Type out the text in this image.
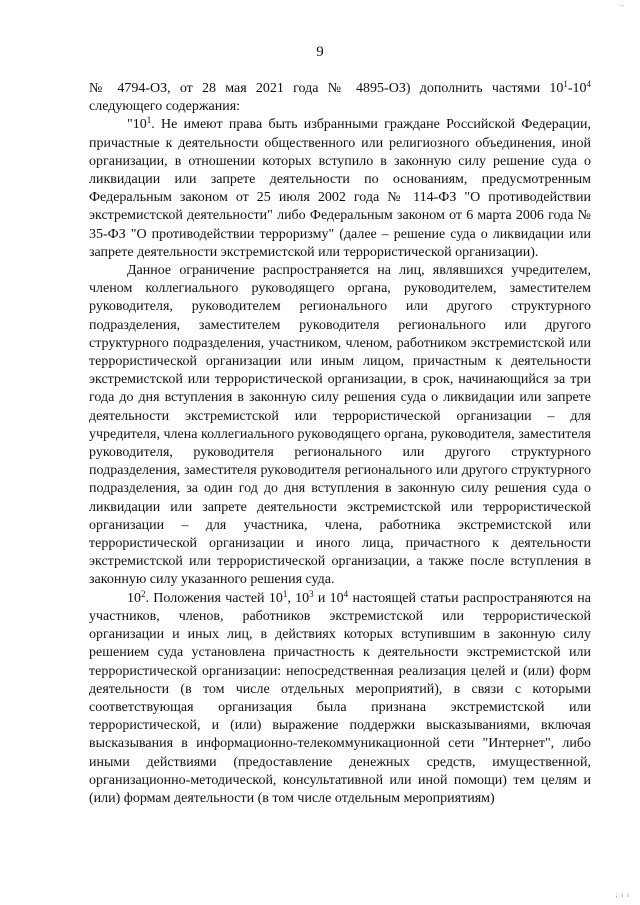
..
9

№ 4794-ОЗ, от 28 мая 2021 года № 4895-ОЗ) дополнить частями $10^1-10^4$ следующего содержания:

"$10^1$. Не имеют права быть избранными граждане Российской Федерации, причастные к деятельности общественного или религиозного объединения, иной организации, в отношении которых вступило в законную силу решение суда о ликвидации или запрете деятельности по основаниям, предусмотренным Федеральным законом от 25 июля 2002 года № 114-ФЗ "О противодействии экстремистской деятельности" либо Федеральным законом от 6 марта 2006 года № 35-ФЗ "О противодействии терроризму" (далее – решение суда о ликвидации или запрете деятельности экстремистской или террористической организации).

Данное ограничение распространяется на лиц, являвшихся учредителем, членом коллегиального руководящего органа, руководителем, заместителем руководителя, руководителем регионального или другого структурного подразделения, заместителем руководителя регионального или другого структурного подразделения, участником, членом, работником экстремистской или террористической организации или иным лицом, причастным к деятельности экстремистской или террористической организации, в срок, начинающийся за три года до дня вступления в законную силу решения суда о ликвидации или запрете деятельности экстремистской или террористической организации – для учредителя, члена коллегиального руководящего органа, руководителя, заместителя руководителя, руководителя регионального или другого структурного подразделения, заместителя руководителя регионального или другого структурного подразделения, за один год до дня вступления в законную силу решения суда о ликвидации или запрете деятельности экстремистской или террористической организации – для участника, члена, работника экстремистской или террористической организации и иного лица, причастного к деятельности экстремистской или террористической организации, а также после вступления в законную силу указанного решения суда.

$10^2$. Положения частей $10^1$, $10^3$ и $10^4$ настоящей статьи распространяются на участников, членов, работников экстремистской или террористической организации и иных лиц, в действиях которых вступившим в законную силу решением суда установлена причастность к деятельности экстремистской или террористической организации: непосредственная реализация целей и (или) форм деятельности (в том числе отдельных мероприятий), в связи с которыми соответствующая организация была признана экстремистской или террористической, и (или) выражение поддержки высказываниями, включая высказывания в информационно-телекоммуникационной сети "Интернет", либо иными действиями (предоставление денежных средств, имущественной, организационно-методической, консультативной или иной помощи) тем целям и (или) формам деятельности (в том числе отдельным мероприятиям)

; ı ı
